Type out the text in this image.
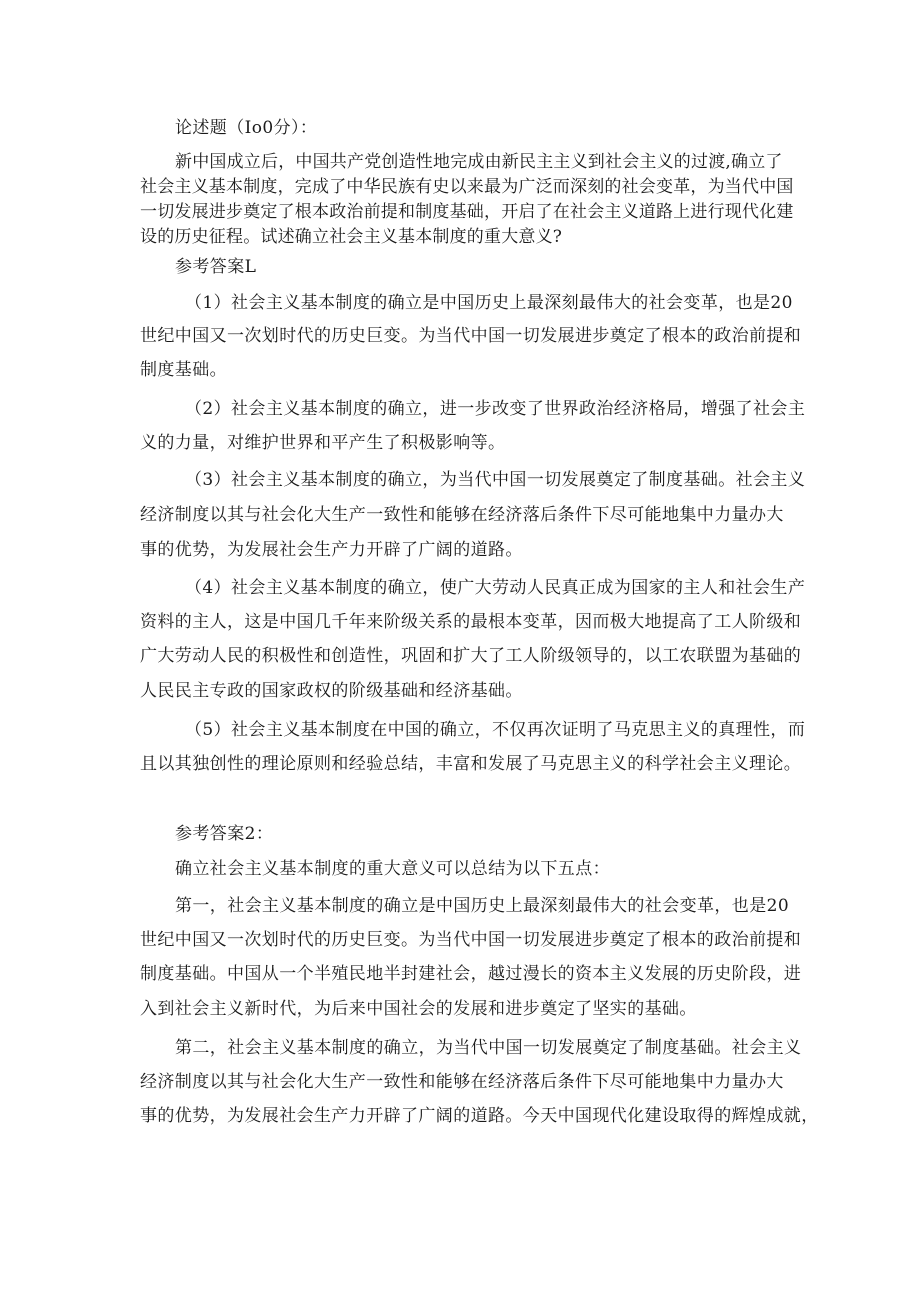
论述题（Io0分）：

新中国成立后，中国共产党创造性地完成由新民主主义到社会主义的过渡,确立了

社会主义基本制度，完成了中华民族有史以来最为广泛而深刻的社会变革，为当代中国

一切发展进步奠定了根本政治前提和制度基础，开启了在社会主义道路上进行现代化建

设的历史征程。试述确立社会主义基本制度的重大意义?

参考答案L

（1）社会主义基本制度的确立是中国历史上最深刻最伟大的社会变革，也是20

世纪中国又一次划时代的历史巨变。为当代中国一切发展进步奠定了根本的政治前提和

制度基础。

（2）社会主义基本制度的确立，进一步改变了世界政治经济格局，增强了社会主

义的力量，对维护世界和平产生了积极影响等。

（3）社会主义基本制度的确立，为当代中国一切发展奠定了制度基础。社会主义

经济制度以其与社会化大生产一致性和能够在经济落后条件下尽可能地集中力量办大

事的优势，为发展社会生产力开辟了广阔的道路。

（4）社会主义基本制度的确立，使广大劳动人民真正成为国家的主人和社会生产

资料的主人，这是中国几千年来阶级关系的最根本变革，因而极大地提高了工人阶级和

广大劳动人民的积极性和创造性，巩固和扩大了工人阶级领导的，以工农联盟为基础的

人民民主专政的国家政权的阶级基础和经济基础。

（5）社会主义基本制度在中国的确立，不仅再次证明了马克思主义的真理性，而

且以其独创性的理论原则和经验总结，丰富和发展了马克思主义的科学社会主义理论。

参考答案2：

确立社会主义基本制度的重大意义可以总结为以下五点：

第一，社会主义基本制度的确立是中国历史上最深刻最伟大的社会变革，也是20

世纪中国又一次划时代的历史巨变。为当代中国一切发展进步奠定了根本的政治前提和

制度基础。中国从一个半殖民地半封建社会，越过漫长的资本主义发展的历史阶段，进

入到社会主义新时代，为后来中国社会的发展和进步奠定了坚实的基础。

第二，社会主义基本制度的确立，为当代中国一切发展奠定了制度基础。社会主义

经济制度以其与社会化大生产一致性和能够在经济落后条件下尽可能地集中力量办大

事的优势，为发展社会生产力开辟了广阔的道路。今天中国现代化建设取得的辉煌成就，
